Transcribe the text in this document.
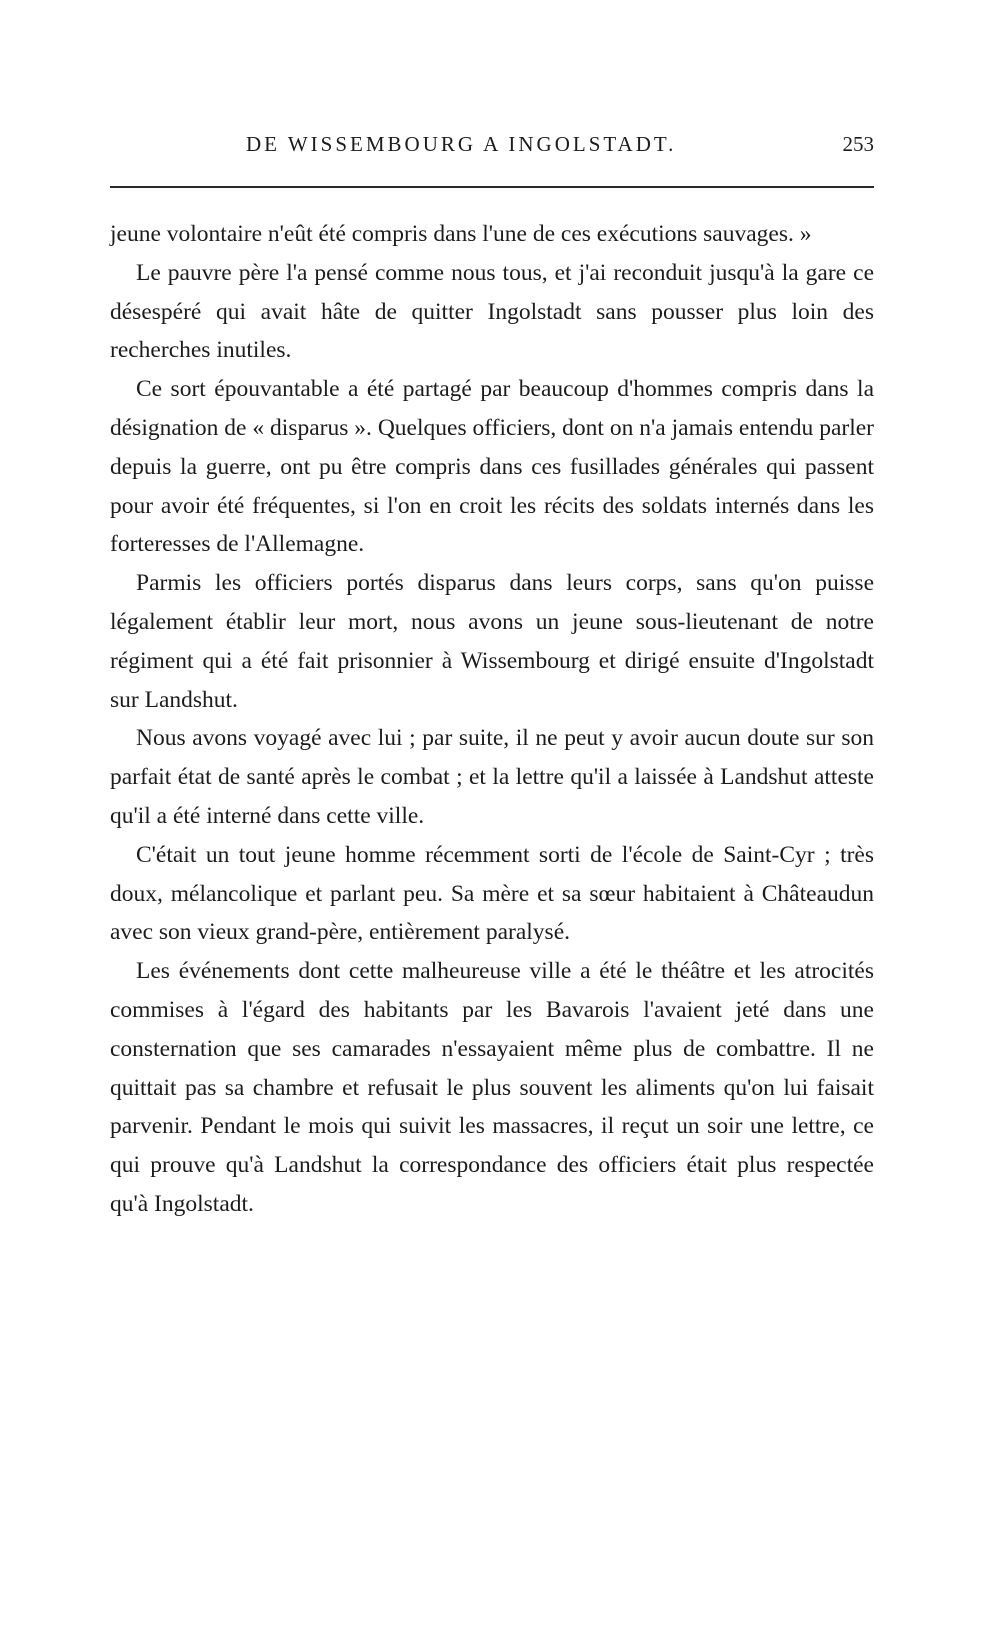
DE WISSEMBOURG A INGOLSTADT.	253

jeune volontaire n'eût été compris dans l'une de ces exécutions sauvages. »

Le pauvre père l'a pensé comme nous tous, et j'ai reconduit jusqu'à la gare ce désespéré qui avait hâte de quitter Ingolstadt sans pousser plus loin des recherches inutiles.

Ce sort épouvantable a été partagé par beaucoup d'hommes compris dans la désignation de « disparus ». Quelques officiers, dont on n'a jamais entendu parler depuis la guerre, ont pu être compris dans ces fusillades générales qui passent pour avoir été fréquentes, si l'on en croit les récits des soldats internés dans les forteresses de l'Allemagne.

Parmis les officiers portés disparus dans leurs corps, sans qu'on puisse légalement établir leur mort, nous avons un jeune sous-lieutenant de notre régiment qui a été fait prisonnier à Wissembourg et dirigé ensuite d'Ingolstadt sur Landshut.

Nous avons voyagé avec lui ; par suite, il ne peut y avoir aucun doute sur son parfait état de santé après le combat ; et la lettre qu'il a laissée à Landshut atteste qu'il a été interné dans cette ville.

C'était un tout jeune homme récemment sorti de l'école de Saint-Cyr ; très doux, mélancolique et parlant peu. Sa mère et sa sœur habitaient à Châteaudun avec son vieux grand-père, entièrement paralysé.

Les événements dont cette malheureuse ville a été le théâtre et les atrocités commises à l'égard des habitants par les Bavarois l'avaient jeté dans une consternation que ses camarades n'essayaient même plus de combattre. Il ne quittait pas sa chambre et refusait le plus souvent les aliments qu'on lui faisait parvenir. Pendant le mois qui suivit les massacres, il reçut un soir une lettre, ce qui prouve qu'à Landshut la correspondance des officiers était plus respectée qu'à Ingolstadt.
